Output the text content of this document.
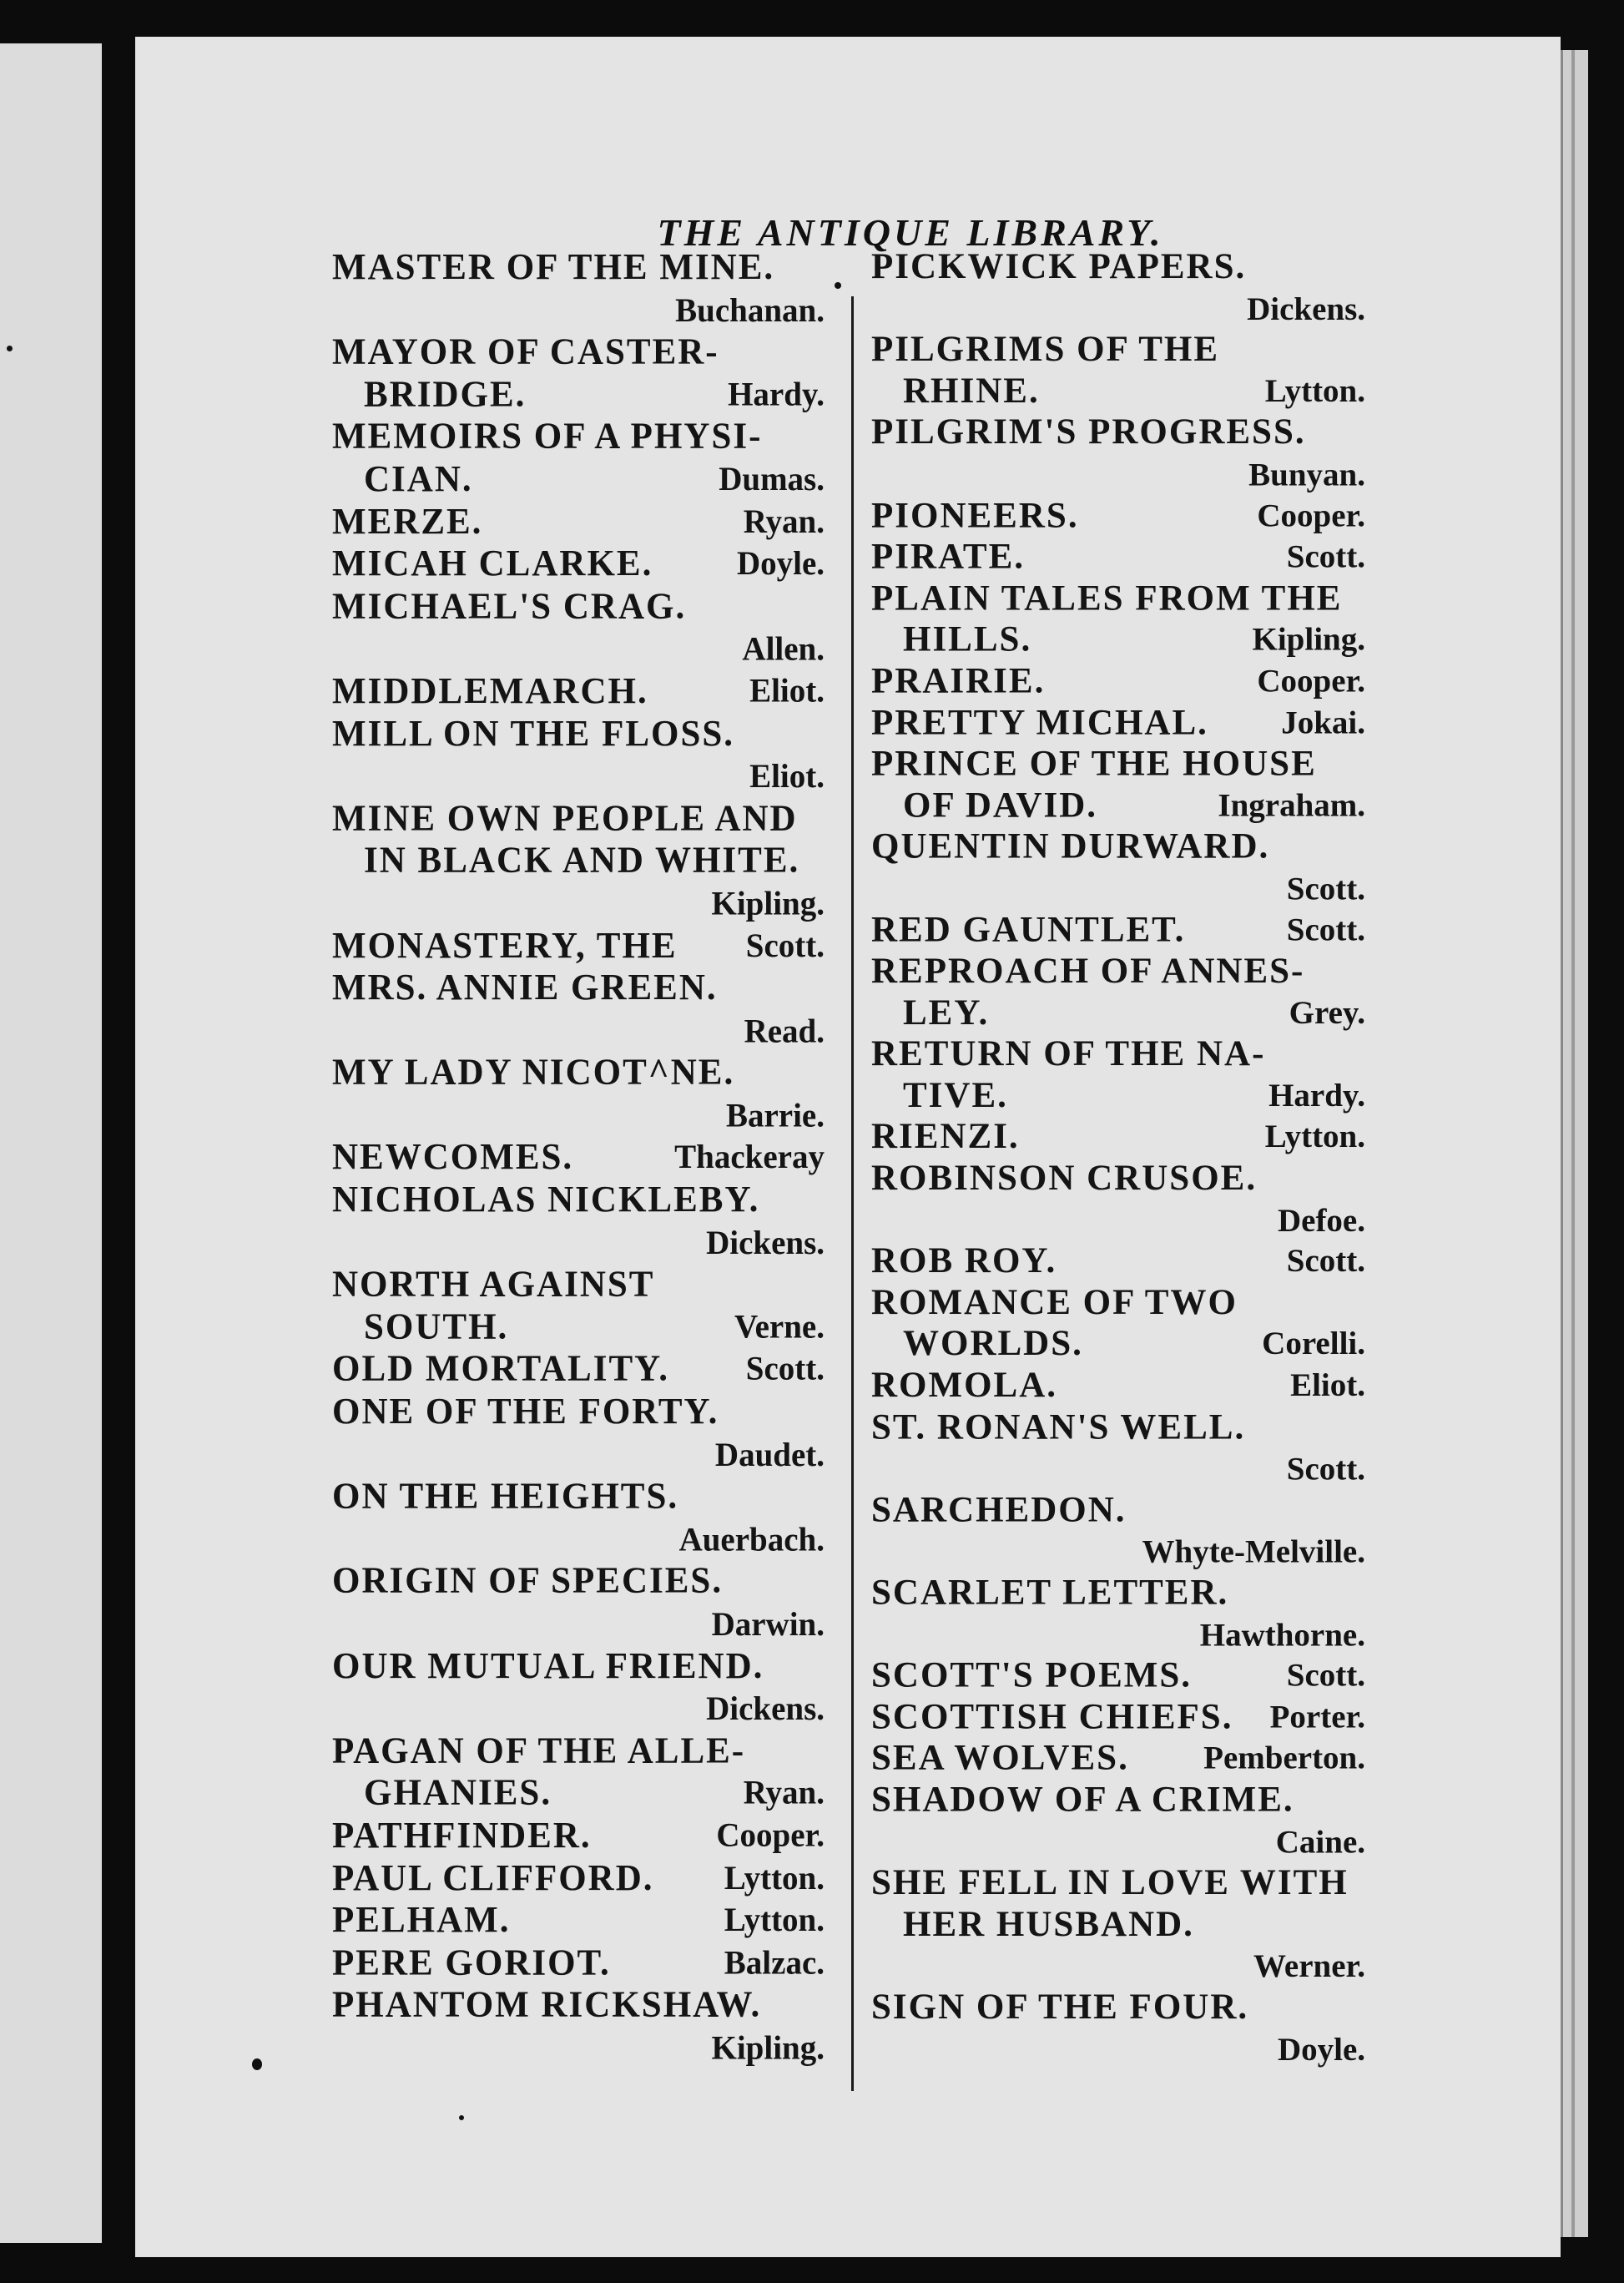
THE ANTIQUE LIBRARY.
MASTER OF THE MINE.
Buchanan.
MAYOR OF CASTER-
BRIDGE.	Hardy.
MEMOIRS OF A PHYSI-
CIAN.	Dumas.
MERZE.	Ryan.
MICAH CLARKE.	Doyle.
MICHAEL'S CRAG.
Allen.
MIDDLEMARCH.	Eliot.
MILL ON THE FLOSS.
Eliot.
MINE OWN PEOPLE AND
IN BLACK AND WHITE.
Kipling.
MONASTERY, THE Scott.
MRS. ANNIE GREEN.
Read.
MY LADY NICOT^NE.
Barrie.
NEWCOMES.	Thackeray
NICHOLAS NICKLEBY.
Dickens.
NORTH AGAINST
SOUTH.	Verne.
OLD MORTALITY. Scott.
ONE OF THE FORTY.
Daudet.
ON THE HEIGHTS.
Auerbach.
ORIGIN OF SPECIES.
Darwin.
OUR MUTUAL FRIEND.
Dickens.
PAGAN OF THE ALLE-
GHANIES.	Ryan.
PATHFINDER.	Cooper.
PAUL CLIFFORD. Lytton.
PELHAM.	Lytton.
PERE GORIOT.	Balzac.
PHANTOM RICKSHAW.
Kipling.
PICKWICK PAPERS.
Dickens.
PILGRIMS OF THE
RHINE.	Lytton.
PILGRIM'S PROGRESS.
Bunyan.
PIONEERS.	Cooper.
PIRATE.	Scott.
PLAIN TALES FROM THE
HILLS.	Kipling.
PRAIRIE.	Cooper.
PRETTY MICHAL. Jokai.
PRINCE OF THE HOUSE
OF DAVID.	Ingraham.
QUENTIN DURWARD.
Scott.
RED GAUNTLET.	Scott.
REPROACH OF ANNES-
LEY.	Grey.
RETURN OF THE NA-
TIVE.	Hardy.
RIENZI.	Lytton.
ROBINSON CRUSOE.
Defoe.
ROB ROY.	Scott.
ROMANCE OF TWO
WORLDS.	Corelli.
ROMOLA.	Eliot.
ST. RONAN'S WELL.
Scott.
SARCHEDON.
Whyte-Melville.
SCARLET LETTER.
Hawthorne.
SCOTT'S POEMS.	Scott.
SCOTTISH CHIEFS. Porter.
SEA WOLVES. Pemberton.
SHADOW OF A CRIME.
Caine.
SHE FELL IN LOVE WITH
HER HUSBAND.
Werner.
SIGN OF THE FOUR.
Doyle.
